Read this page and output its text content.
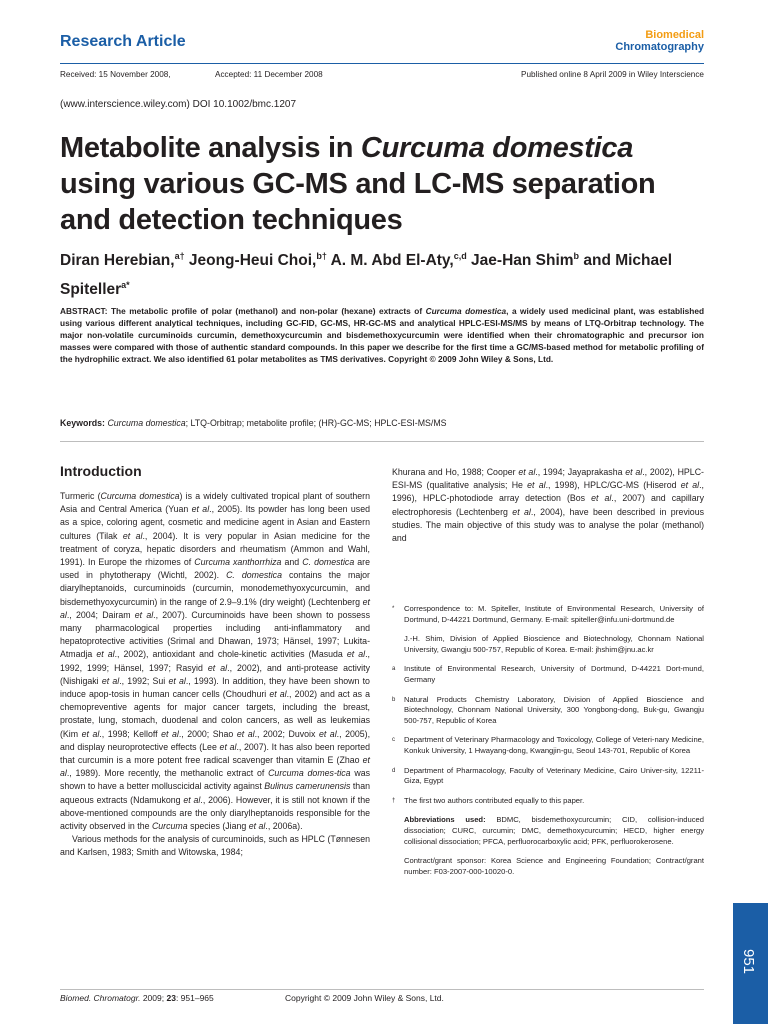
Research Article	Biomedical
Chromatography
Received: 15 November 2008,	Accepted: 11 December 2008	Published online 8 April 2009 in Wiley Interscience
(www.interscience.wiley.com) DOI 10.1002/bmc.1207
Metabolite analysis in Curcuma domestica
using various GC-MS and LC-MS separation and detection techniques
Diran Herebian,$^{a\dagger}$ Jeong-Heui Choi,$^{b\dagger}$ A. M. Abd El-Aty,$^{c,d}$ Jae-Han Shim$^b$ and Michael Spiteller$^{a*}$
ABSTRACT: The metabolic profile of polar (methanol) and non-polar (hexane) extracts of Curcuma domestica, a widely used medicinal plant, was established using various different analytical techniques, including GC-FID, GC-MS, HR-GC-MS and analytical HPLC-ESI-MS/MS by means of LTQ-Orbitrap technology. The major non-volatile curcuminoids curcumin, demethoxycurcumin and bisdemethoxycurcumin were identified when their chromatographic and precursor ion masses were compared with those of authentic standard compounds. In this paper we describe for the first time a GC/MS-based method for metabolic profiling of the hydrophilic extract. We also identified 61 polar metabolites as TMS derivatives. Copyright © 2009 John Wiley & Sons, Ltd.
Keywords: Curcuma domestica; LTQ-Orbitrap; metabolite profile; (HR)-GC-MS; HPLC-ESI-MS/MS
Introduction

Turmeric (Curcuma domestica) is a widely cultivated tropical plant of southern Asia and Central America (Yuan et al., 2005). Its powder has long been used as a spice, coloring agent, cosmetic and medicine agent in Asian and Eastern cultures (Tilak et al., 2004). It is very popular in Asian medicine for the treatment of coryza, hepatic disorders and rheumatism (Ammon and Wahl, 1991). In Europe the rhizomes of Curcuma xanthorrhiza and C. domestica are used in phytotherapy (Wichtl, 2002). C. domestica contains the major diarylheptanoids, curcuminoids (curcumin, monodemethyoxycurcumin, and bisdemethyoxycurcumin) in the range of 2.9–9.1% (dry weight) (Lechtenberg et al., 2004; Dairam et al., 2007). Curcuminoids have been shown to possess many pharmacological properties including anti-inflammatory and hepatoprotective activities (Srimal and Dhawan, 1973; Hänsel, 1997; Lukita-Atmadja et al., 2002), antioxidant and chole-kinetic activities (Masuda et al., 1992, 1999; Hänsel, 1997; Rasyid et al., 2002), and anti-protease activity (Nishigaki et al., 1992; Sui et al., 1993). In addition, they have been shown to induce apop-tosis in human cancer cells (Choudhuri et al., 2002) and act as a chemopreventive agents for major cancer targets, including the breast, prostate, lung, stomach, duodenal and colon cancers, as well as leukemias (Kim et al., 1998; Kelloff et al., 2000; Shao et al., 2002; Duvoix et al., 2005), and display neuroprotective effects (Lee et al., 2007). It has also been reported that curcumin is a more potent free radical scavenger than vitamin E (Zhao et al., 1989). More recently, the methanolic extract of Curcuma domes-tica was shown to have a better molluscicidal activity against Bulinus camerunensis than aqueous extracts (Ndamukong et al., 2006). However, it is still not known if the above-mentioned compounds are the only diarylheptanoids responsible for the activity observed in the Curcuma species (Jiang et al., 2006a).

Various methods for the analysis of curcuminoids, such as HPLC (Tønnesen and Karlsen, 1983; Smith and Witowska, 1984;

Khurana and Ho, 1988; Cooper et al., 1994; Jayaprakasha et al., 2002), HPLC-ESI-MS (qualitative analysis; He et al., 1998), HPLC/GC-MS (Hiserod et al., 1996), HPLC-photodiode array detection (Bos et al., 2007) and capillary electrophoresis (Lechtenberg et al., 2004), have been described in previous studies. The main objective of this study was to analyse the polar (methanol) and

*	Correspondence to: M. Spiteller, Institute of Environmental Research, University of Dortmund, D-44221 Dortmund, Germany. E-mail: spiteller@infu.uni-dortmund.de
J.-H. Shim, Division of Applied Bioscience and Biotechnology, Chonnam National University, Gwangju 500-757, Republic of Korea. E-mail: jhshim@jnu.ac.kr
a	Institute of Environmental Research, University of Dortmund, D-44221 Dort-mund, Germany
b	Natural Products Chemistry Laboratory, Division of Applied Bioscience and Biotechnology, Chonnam National University, 300 Yongbong-dong, Buk-gu, Gwangju 500-757, Republic of Korea
c	Department of Veterinary Pharmacology and Toxicology, College of Veteri-nary Medicine, Konkuk University, 1 Hwayang-dong, Kwangjin-gu, Seoul 143-701, Republic of Korea
d	Department of Pharmacology, Faculty of Veterinary Medicine, Cairo Univer-sity, 12211-Giza, Egypt
†	The first two authors contributed equally to this paper.
Abbreviations used: BDMC, bisdemethoxycurcumin; CID, collision-induced dissociation; CURC, curcumin; DMC, demethoxycurcumin; HECD, higher energy collisional dissociation; PFCA, perfluorocarboxylic acid; PFK, perfluorokerosene.
Contract/grant sponsor: Korea Science and Engineering Foundation; Contract/grant number: F03-2007-000-10020-0.
Biomed. Chromatogr. 2009; 23: 951–965	Copyright © 2009 John Wiley & Sons, Ltd.
951
